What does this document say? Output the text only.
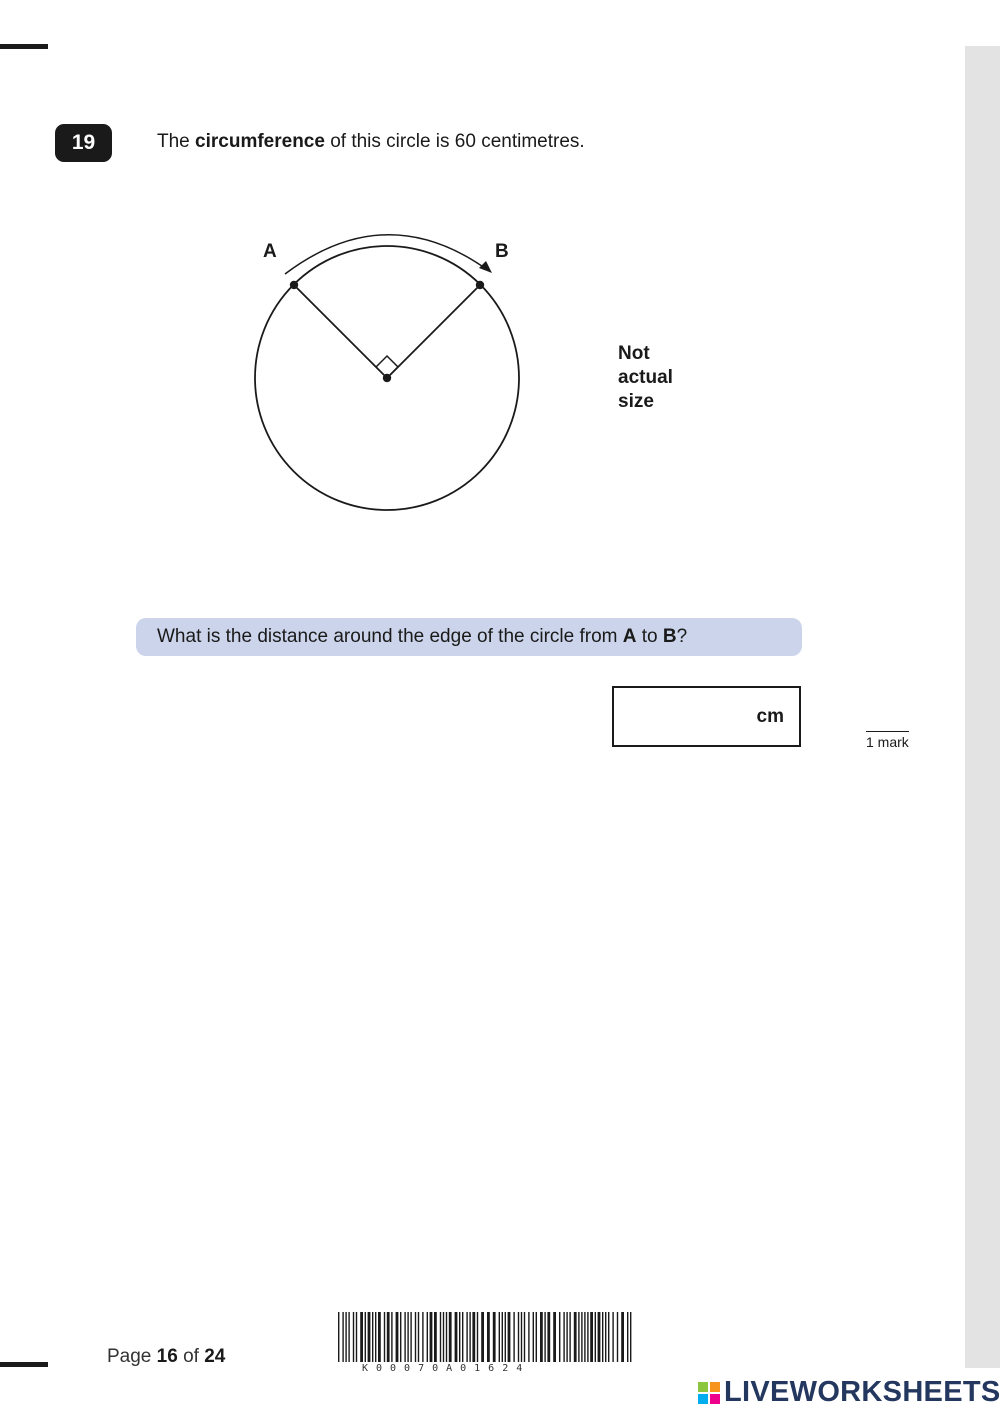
19	The circumference of this circle is 60 centimetres.
A	B
Not
actual
size
What is the distance around the edge of the circle from A to B?
cm
1 mark
Page 16 of 24
K00070A01624
LIVEWORKSHEETS
